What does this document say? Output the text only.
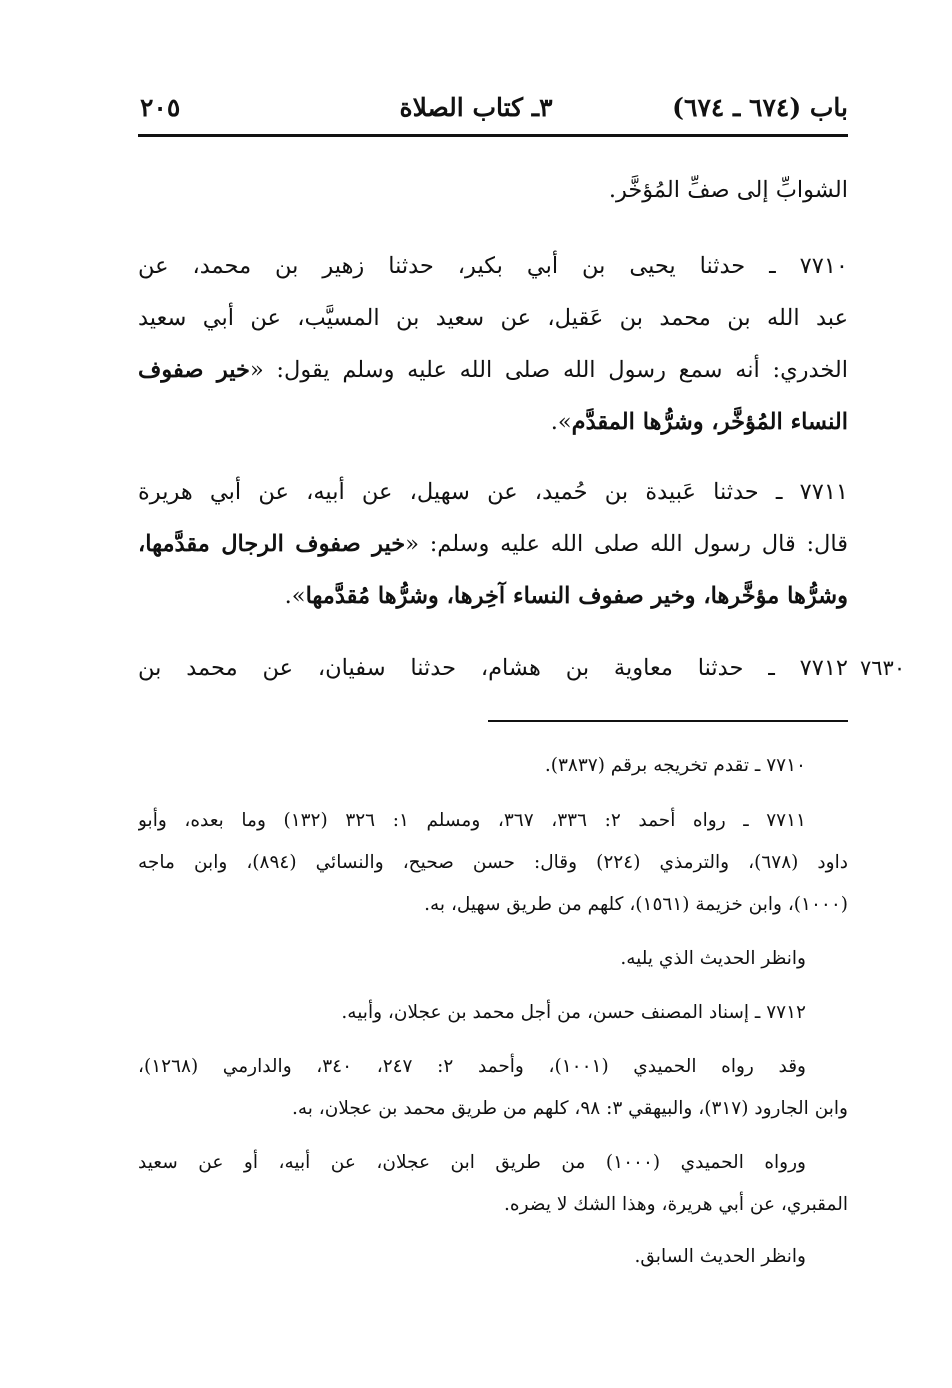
باب (٦٧٤ ـ ٦٧٤)
٣ـ كتاب الصلاة
٢٠٥
الشوابِّ إلى صفِّ المُؤخَّر.
٧٧١٠ ـ حدثنا يحيى بن أبي بكير، حدثنا زهير بن محمد، عن
عبد الله بن محمد بن عَقيل، عن سعيد بن المسيَّب، عن أبي سعيد
الخدري: أنه سمع رسول الله صلى الله عليه وسلم يقول: «خير صفوف
النساء المُؤخَّر، وشرُّها المقدَّم».
٧٧١١ ـ حدثنا عَبيدة بن حُميد، عن سهيل، عن أبيه، عن أبي هريرة
قال: قال رسول الله صلى الله عليه وسلم: «خير صفوف الرجال مقدَّمها،
وشرُّها مؤخَّرها، وخير صفوف النساء آخِرها، وشرُّها مُقدَّمها».
٧٦٣٠
٧٧١٢ ـ حدثنا معاوية بن هشام، حدثنا سفيان، عن محمد بن
٧٧١٠ ـ تقدم تخريجه برقم (٣٨٣٧).
٧٧١١ ـ رواه أحمد ٢: ٣٣٦، ٣٦٧، ومسلم ١: ٣٢٦ (١٣٢) وما بعده، وأبو
داود (٦٧٨)، والترمذي (٢٢٤) وقال: حسن صحيح، والنسائي (٨٩٤)، وابن ماجه
(١٠٠٠)، وابن خزيمة (١٥٦١)، كلهم من طريق سهيل، به.
وانظر الحديث الذي يليه.
٧٧١٢ ـ إسناد المصنف حسن، من أجل محمد بن عجلان، وأبيه.
وقد رواه الحميدي (١٠٠١)، وأحمد ٢: ٢٤٧، ٣٤٠، والدارمي (١٢٦٨)،
وابن الجارود (٣١٧)، والبيهقي ٣: ٩٨، كلهم من طريق محمد بن عجلان، به.
ورواه الحميدي (١٠٠٠) من طريق ابن عجلان، عن أبيه، أو عن سعيد
المقبري، عن أبي هريرة، وهذا الشك لا يضره.
وانظر الحديث السابق.
